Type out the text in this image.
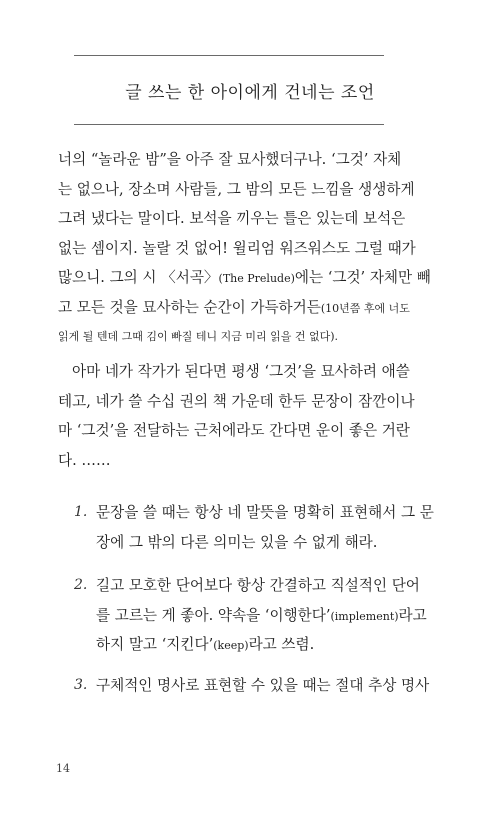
글 쓰는 한 아이에게 건네는 조언
너의 “놀라운 밤”을 아주 잘 묘사했더구나. ‘그것’ 자체
는 없으나, 장소며 사람들, 그 밤의 모든 느낌을 생생하게
그려 냈다는 말이다. 보석을 끼우는 틀은 있는데 보석은
없는 셈이지. 놀랄 것 없어! 윌리엄 워즈워스도 그럴 때가
많으니. 그의 시 〈서곡〉(The Prelude)에는 ‘그것’ 자체만 빼
고 모든 것을 묘사하는 순간이 가득하거든(10년쯤 후에 너도
읽게 될 텐데 그때 김이 빠질 테니 지금 미리 읽을 건 없다).
아마 네가 작가가 된다면 평생 ‘그것’을 묘사하려 애쓸
테고, 네가 쓸 수십 권의 책 가운데 한두 문장이 잠깐이나
마 ‘그것’을 전달하는 근처에라도 간다면 운이 좋은 거란
다. ……
1. 문장을 쓸 때는 항상 네 말뜻을 명확히 표현해서 그 문
장에 그 밖의 다른 의미는 있을 수 없게 해라.
2. 길고 모호한 단어보다 항상 간결하고 직설적인 단어
를 고르는 게 좋아. 약속을 ‘이행한다’(implement)라고
하지 말고 ‘지킨다’(keep)라고 쓰렴.
3. 구체적인 명사로 표현할 수 있을 때는 절대 추상 명사
14
